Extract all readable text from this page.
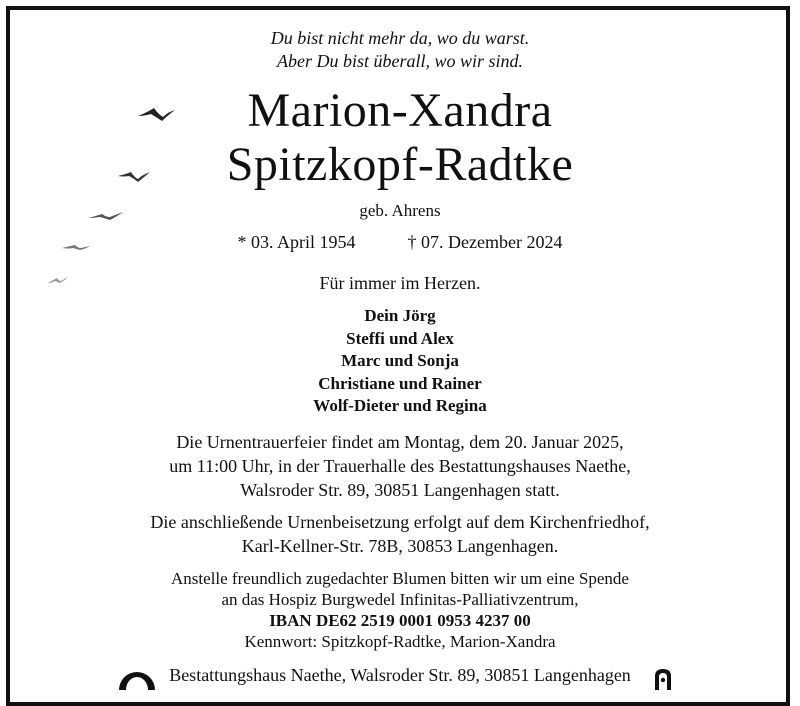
Du bist nicht mehr da, wo du warst.
Aber Du bist überall, wo wir sind.
Marion-Xandra
Spitzkopf-Radtke
geb. Ahrens
* 03. April 1954	† 07. Dezember 2024
Für immer im Herzen.
Dein Jörg
Steffi und Alex
Marc und Sonja
Christiane und Rainer
Wolf-Dieter und Regina
Die Urnentrauerfeier findet am Montag, dem 20. Januar 2025,
um 11:00 Uhr, in der Trauerhalle des Bestattungshauses Naethe,
Walsroder Str. 89, 30851 Langenhagen statt.
Die anschließende Urnenbeisetzung erfolgt auf dem Kirchenfriedhof,
Karl-Kellner-Str. 78B, 30853 Langenhagen.
Anstelle freundlich zugedachter Blumen bitten wir um eine Spende
an das Hospiz Burgwedel Infinitas-Palliativzentrum,
IBAN DE62 2519 0001 0953 4237 00
Kennwort: Spitzkopf-Radtke, Marion-Xandra
Bestattungshaus Naethe, Walsroder Str. 89, 30851 Langenhagen
